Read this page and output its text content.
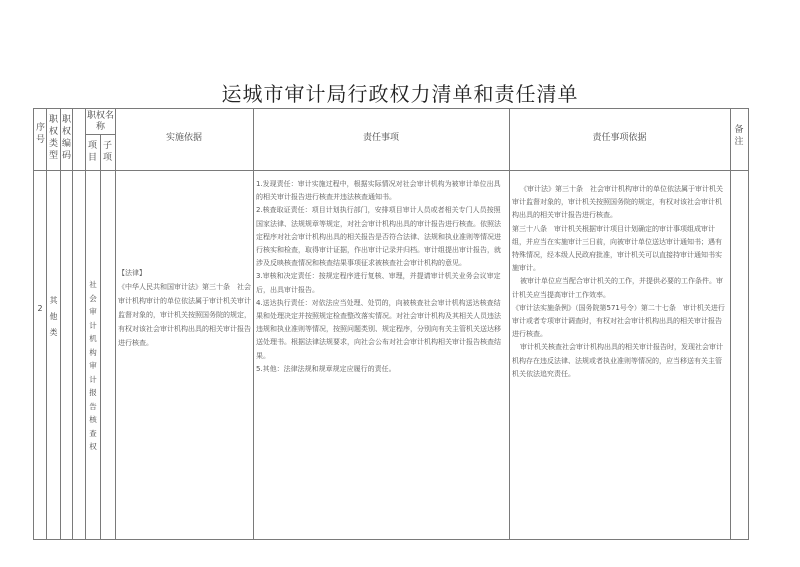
运城市审计局行政权力清单和责任清单
序号
职权类型
职权编码
职权名称
项目
子项
实施依据	责任事项	责任事项依据
备注
2
其他类
社会审计机构审计报告核查权
【法律】
《中华人民共和国审计法》第三十条　社会审计机构审计的单位依法属于审计机关审计监督对象的，审计机关按照国务院的规定，有权对该社会审计机构出具的相关审计报告进行核查。

1.发现责任：审计实施过程中，根据实际情况对社会审计机构为被审计单位出具的相关审计报告进行核查并违法核查通知书。

2.核查取证责任：项目计划执行部门，安排项目审计人员或者相关专门人员按照国家法律、法规规章等规定，对社会审计机构出具的审计报告进行核查。依照法定程序对社会审计机构出具的相关报告是否符合法律、法规和执业准则等情况进行核实和检查，取得审计证据，作出审计记录并归档。审计组提出审计报告，就涉及反映核查情况和核查结果事项征求被核查社会审计机构的意见。

3.审核和决定责任：按规定程序进行复核、审理，并提请审计机关业务会议审定后，出具审计报告。

4.送达执行责任：对依法应当处理、处罚的，向被核查社会审计机构送达核查结果和处理决定并按照规定检查整改落实情况。对社会审计机构及其相关人员违法违规和执业准则等情况，按照问题类别、规定程序，分别向有关主管机关送达移送处理书。根据法律法规要求，向社会公布对社会审计机构相关审计报告核查结果。

5.其他：法律法规和规章规定应履行的责任。

《审计法》第三十条　社会审计机构审计的单位依法属于审计机关审计监督对象的，审计机关按照国务院的规定，有权对该社会审计机构出具的相关审计报告进行核查。

第三十八条　审计机关根据审计项目计划确定的审计事项组成审计组，并应当在实施审计三日前，向被审计单位送达审计通知书；遇有特殊情况，经本级人民政府批准，审计机关可以直接持审计通知书实施审计。

被审计单位应当配合审计机关的工作，并提供必要的工作条件。审计机关应当提高审计工作效率。

《审计法实施条例》（国务院第571号令）第二十七条　审计机关进行审计或者专项审计调查时，有权对社会审计机构出具的相关审计报告进行核查。

审计机关核查社会审计机构出具的相关审计报告时，发现社会审计机构存在违反法律、法规或者执业准则等情况的，应当移送有关主管机关依法追究责任。
